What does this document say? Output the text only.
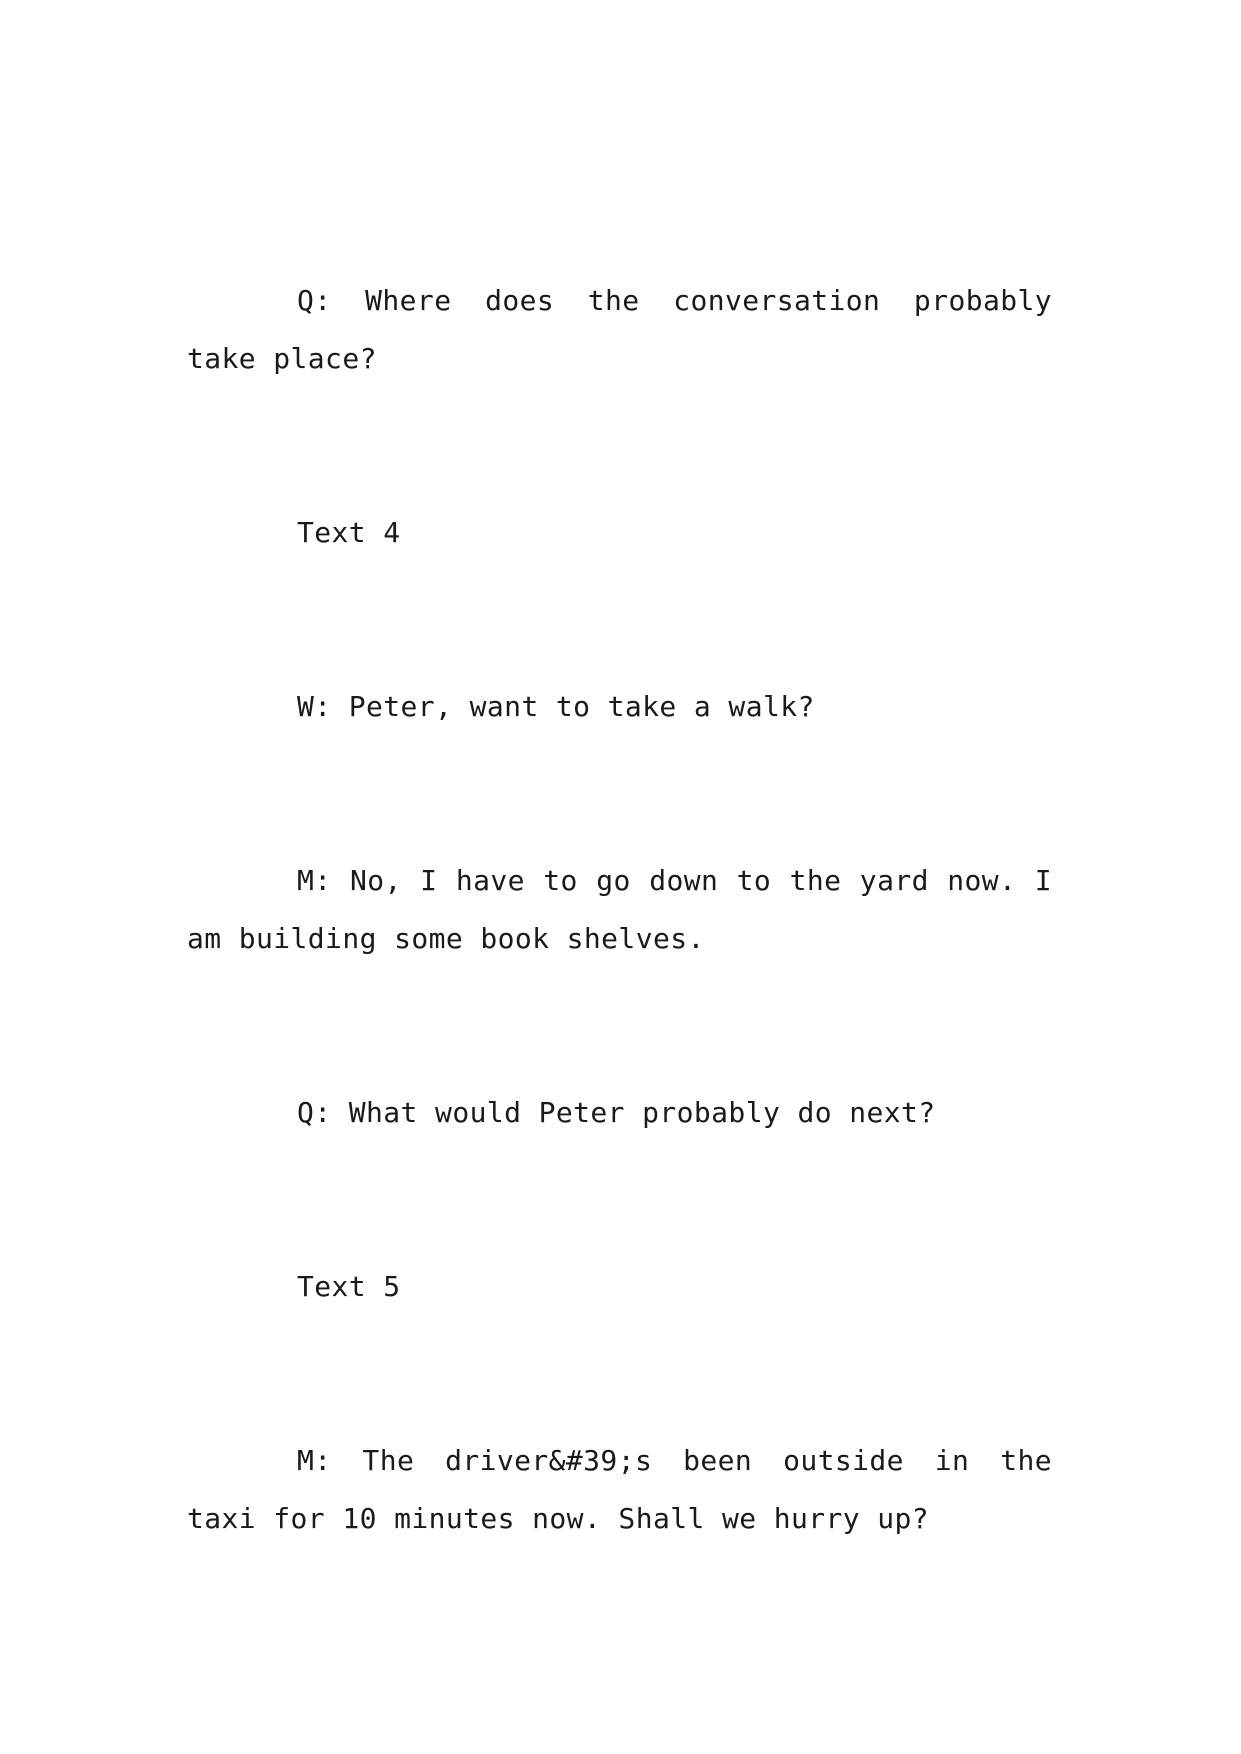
Q: Where does the conversation probably take place?

Text 4

W: Peter, want to take a walk?

M: No, I have to go down to the yard now. I am building some book shelves.

Q: What would Peter probably do next?

Text 5

M: The driver&#39;s been outside in the taxi for 10 minutes now. Shall we hurry up?
